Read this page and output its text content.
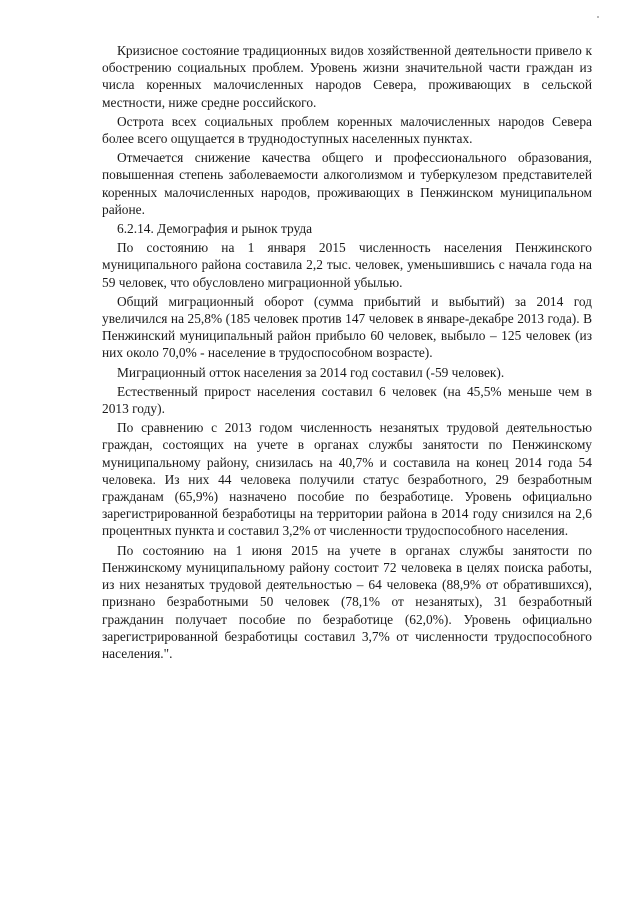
Кризисное состояние традиционных видов хозяйственной деятельности привело к обострению социальных проблем. Уровень жизни значительной части граждан из числа коренных малочисленных народов Севера, проживающих в сельской местности, ниже средне российского.

Острота всех социальных проблем коренных малочисленных народов Севера более всего ощущается в труднодоступных населенных пунктах.

Отмечается снижение качества общего и профессионального образования, повышенная степень заболеваемости алкоголизмом и туберкулезом представителей коренных малочисленных народов, проживающих в Пенжинском муниципальном районе.

6.2.14. Демография и рынок труда

По состоянию на 1 января 2015 численность населения Пенжинского муниципального района составила 2,2 тыс. человек, уменьшившись с начала года на 59 человек, что обусловлено миграционной убылью.

Общий миграционный оборот (сумма прибытий и выбытий) за 2014 год увеличился на 25,8% (185 человек против 147 человек в январе-декабре 2013 года). В Пенжинский муниципальный район прибыло 60 человек, выбыло – 125 человек (из них около 70,0% - население в трудоспособном возрасте).

Миграционный отток населения за 2014 год составил (-59 человек).

Естественный прирост населения составил 6 человек (на 45,5% меньше чем в 2013 году).

По сравнению с 2013 годом численность незанятых трудовой деятельностью граждан, состоящих на учете в органах службы занятости по Пенжинскому муниципальному району, снизилась на 40,7% и составила на конец 2014 года 54 человека. Из них 44 человека получили статус безработного, 29 безработным гражданам (65,9%) назначено пособие по безработице. Уровень официально зарегистрированной безработицы на территории района в 2014 году снизился на 2,6 процентных пункта и составил 3,2% от численности трудоспособного населения.

По состоянию на 1 июня 2015 на учете в органах службы занятости по Пенжинскому муниципальному району состоит 72 человека в целях поиска работы, из них незанятых трудовой деятельностью – 64 человека (88,9% от обратившихся), признано безработными 50 человек (78,1% от незанятых), 31 безработный гражданин получает пособие по безработице (62,0%). Уровень официально зарегистрированной безработицы составил 3,7% от численности трудоспособного населения.".
